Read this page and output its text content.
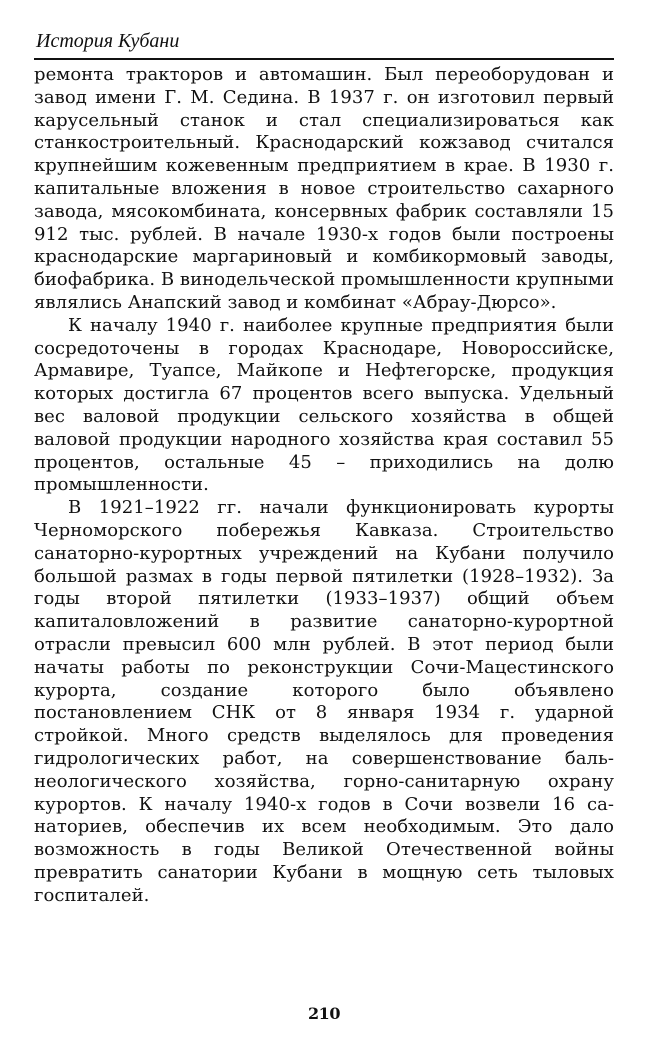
История Кубани

ремонта тракторов и автомашин. Был переоборудован и завод имени Г. М. Седина. В 1937 г. он изготовил первый карусельный станок и стал специализироваться как станкостроительный. Краснодарский кожзавод считался крупнейшим кожевенным предприятием в крае. В 1930 г. капитальные вложения в новое строительство сахарного завода, мясокомбината, консервных фабрик составляли 15 912 тыс. рублей. В начале 1930-х годов были построены краснодарские маргариновый и комбикормовый заводы, биофабрика. В винодельческой промышленности крупными являлись Анапский завод и комбинат «Абрау-Дюрсо».

К началу 1940 г. наиболее крупные предприятия были сосредоточены в городах Краснодаре, Новороссийске, Армавире, Туапсе, Майкопе и Нефтегорске, продукция которых достигла 67 процентов всего выпуска. Удельный вес валовой продукции сельского хозяйства в общей валовой продукции народного хозяйства края составил 55 процентов, остальные 45 – приходились на долю промышленности.

В 1921–1922 гг. начали функционировать курорты Черноморского побережья Кавказа. Строительство санаторно-курортных учреждений на Кубани получило большой размах в годы первой пятилетки (1928–1932). За годы второй пятилетки (1933–1937) общий объем капиталовложений в развитие санаторно-курортной отрасли превысил 600 млн рублей. В этот период были начаты работы по реконструкции Сочи-Мацестинского курорта, создание которого было объявлено постановлением СНК от 8 января 1934 г. ударной стройкой. Много средств выделялось для проведения гидрологических работ, на совершенствование бальнеологического хозяйства, горно-санитарную охрану курортов. К началу 1940-х годов в Сочи возвели 16 санаториев, обеспечив их всем необходимым. Это дало возможность в годы Великой Отечественной войны превратить санатории Кубани в мощную сеть тыловых госпиталей.

210
